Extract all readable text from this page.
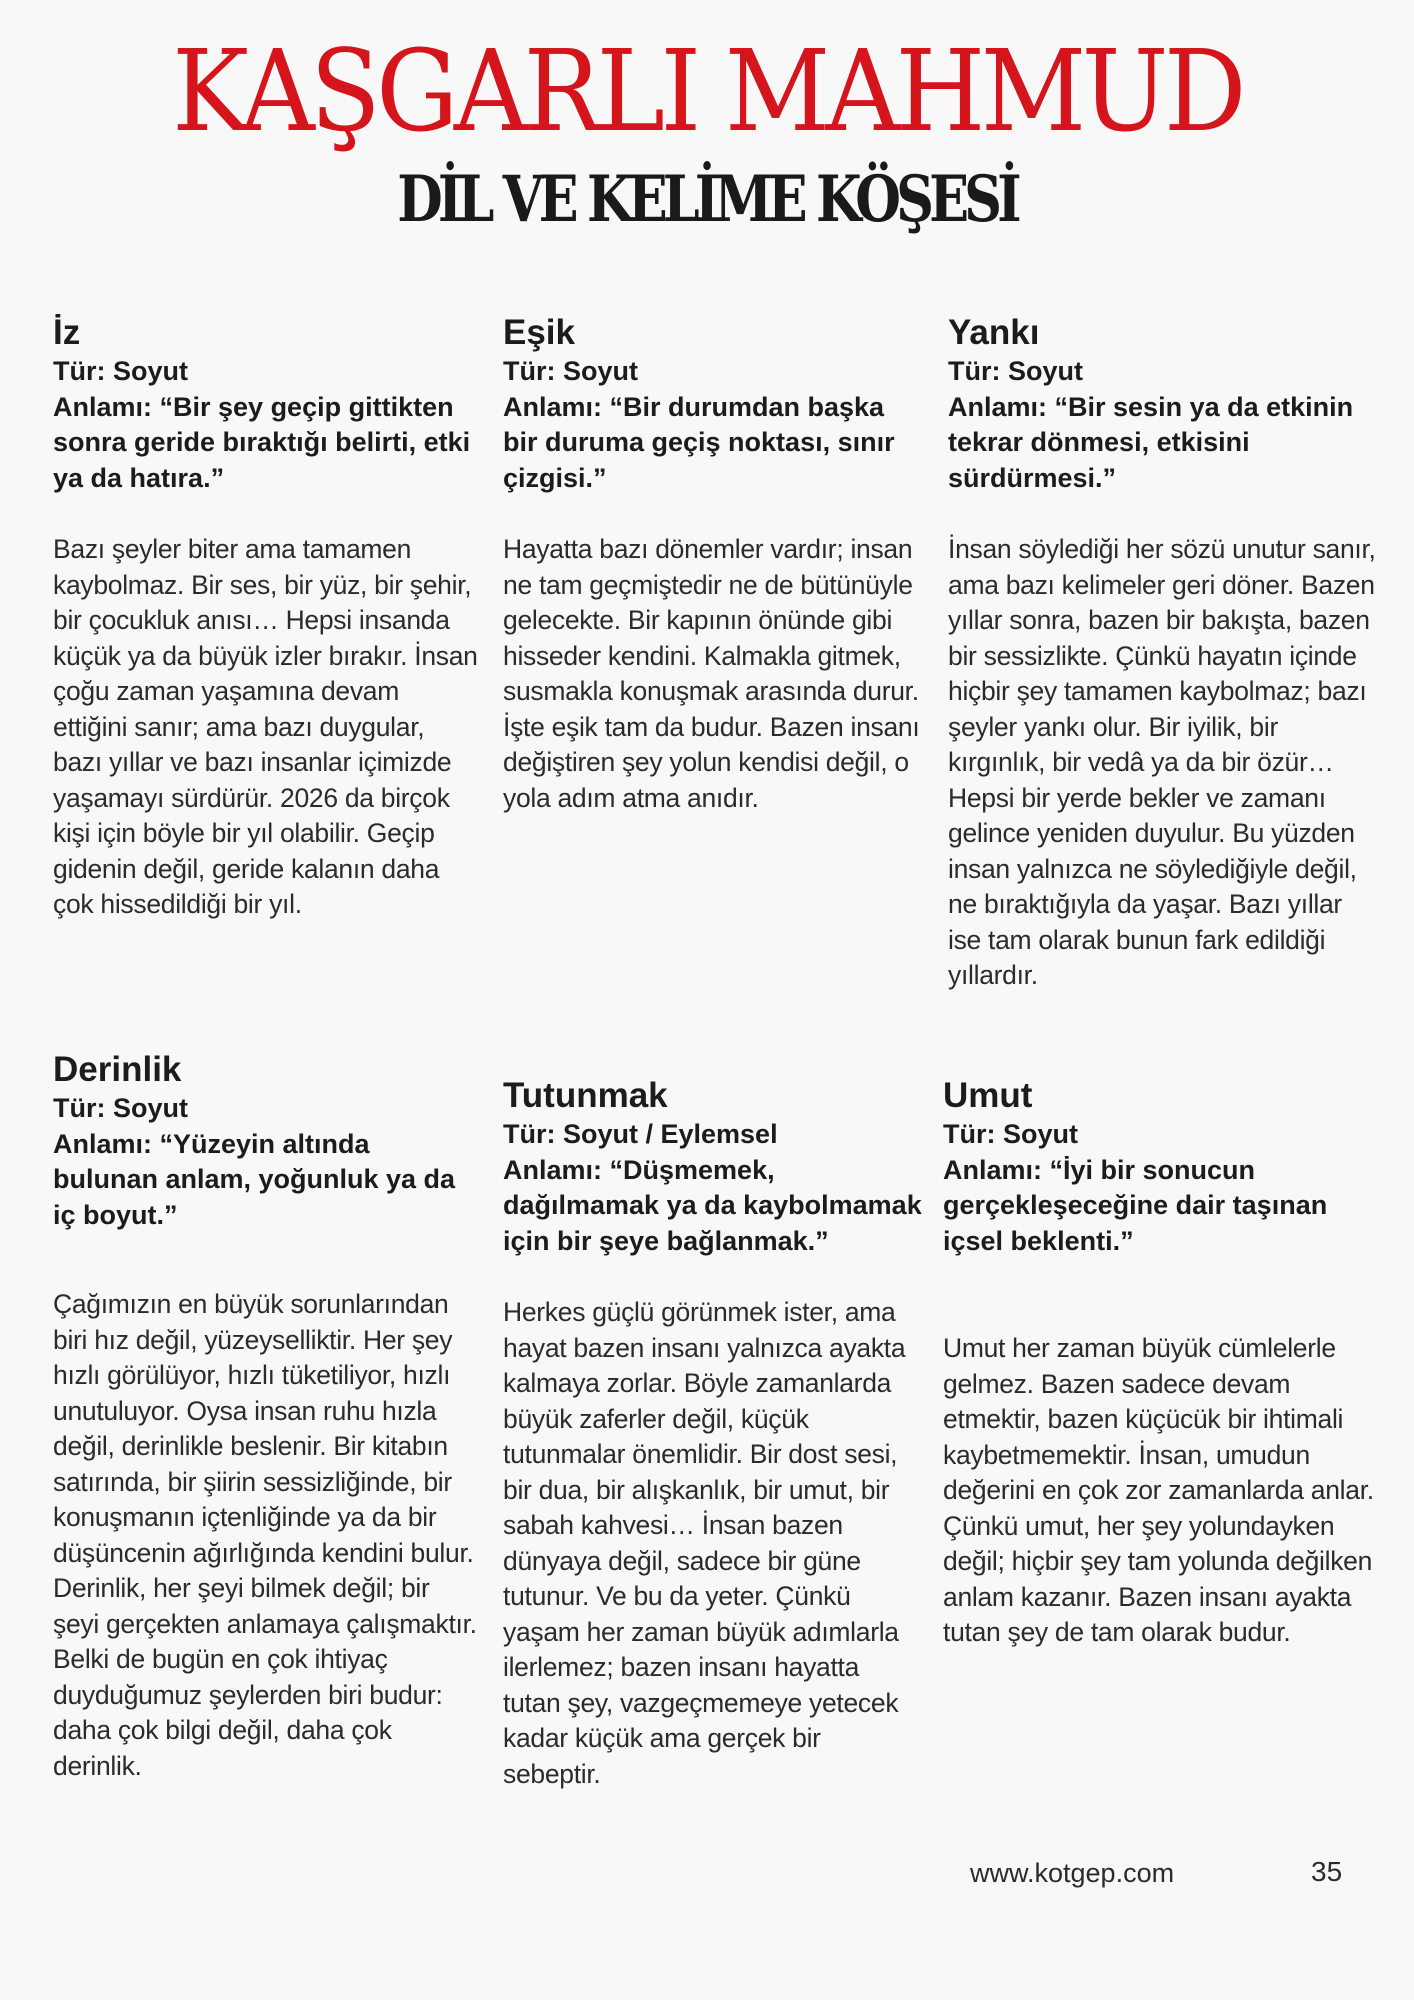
KAŞGARLI MAHMUD
DİL VE KELİME KÖŞESİ

İz

Tür: Soyut

Anlamı: “Bir şey geçip gittikten sonra geride bıraktığı belirti, etki ya da hatıra.”

Bazı şeyler biter ama tamamen kaybolmaz. Bir ses, bir yüz, bir şehir, bir çocukluk anısı… Hepsi insanda küçük ya da büyük izler bırakır. İnsan çoğu zaman yaşamına devam ettiğini sanır; ama bazı duygular, bazı yıllar ve bazı insanlar içimizde yaşamayı sürdürür. 2026 da birçok kişi için böyle bir yıl olabilir. Geçip gidenin değil, geride kalanın daha çok hissedildiği bir yıl.

Eşik

Tür: Soyut

Anlamı: “Bir durumdan başka bir duruma geçiş noktası, sınır çizgisi.”

Hayatta bazı dönemler vardır; insan ne tam geçmiştedir ne de bütünüyle gelecekte. Bir kapının önünde gibi hisseder kendini. Kalmakla gitmek, susmakla konuşmak arasında durur. İşte eşik tam da budur. Bazen insanı değiştiren şey yolun kendisi değil, o yola adım atma anıdır.

Yankı

Tür: Soyut

Anlamı: “Bir sesin ya da etkinin tekrar dönmesi, etkisini sürdürmesi.”

İnsan söylediği her sözü unutur sanır, ama bazı kelimeler geri döner. Bazen yıllar sonra, bazen bir bakışta, bazen bir sessizlikte. Çünkü hayatın içinde hiçbir şey tamamen kaybolmaz; bazı şeyler yankı olur. Bir iyilik, bir kırgınlık, bir vedâ ya da bir özür… Hepsi bir yerde bekler ve zamanı gelince yeniden duyulur. Bu yüzden insan yalnızca ne söylediğiyle değil, ne bıraktığıyla da yaşar. Bazı yıllar ise tam olarak bunun fark edildiği yıllardır.

Derinlik

Tür: Soyut

Anlamı: “Yüzeyin altında bulunan anlam, yoğunluk ya da iç boyut.”

Çağımızın en büyük sorunlarından biri hız değil, yüzeyselliktir. Her şey hızlı görülüyor, hızlı tüketiliyor, hızlı unutuluyor. Oysa insan ruhu hızla değil, derinlikle beslenir. Bir kitabın satırında, bir şiirin sessizliğinde, bir konuşmanın içtenliğinde ya da bir düşüncenin ağırlığında kendini bulur. Derinlik, her şeyi bilmek değil; bir şeyi gerçekten anlamaya çalışmaktır. Belki de bugün en çok ihtiyaç duyduğumuz şeylerden biri budur: daha çok bilgi değil, daha çok derinlik.

Tutunmak

Tür: Soyut / Eylemsel

Anlamı: “Düşmemek, dağılmamak ya da kaybolmamak için bir şeye bağlanmak.”

Herkes güçlü görünmek ister, ama hayat bazen insanı yalnızca ayakta kalmaya zorlar. Böyle zamanlarda büyük zaferler değil, küçük tutunmalar önemlidir. Bir dost sesi, bir dua, bir alışkanlık, bir umut, bir sabah kahvesi… İnsan bazen dünyaya değil, sadece bir güne tutunur. Ve bu da yeter. Çünkü yaşam her zaman büyük adımlarla ilerlemez; bazen insanı hayatta tutan şey, vazgeçmemeye yetecek kadar küçük ama gerçek bir sebeptir.

Umut

Tür: Soyut

Anlamı: “İyi bir sonucun gerçekleşeceğine dair taşınan içsel beklenti.”

Umut her zaman büyük cümlelerle gelmez. Bazen sadece devam etmektir, bazen küçücük bir ihtimali kaybetmemektir. İnsan, umudun değerini en çok zor zamanlarda anlar. Çünkü umut, her şey yolundayken değil; hiçbir şey tam yolunda değilken anlam kazanır. Bazen insanı ayakta tutan şey de tam olarak budur.

www.kotgep.com	35
